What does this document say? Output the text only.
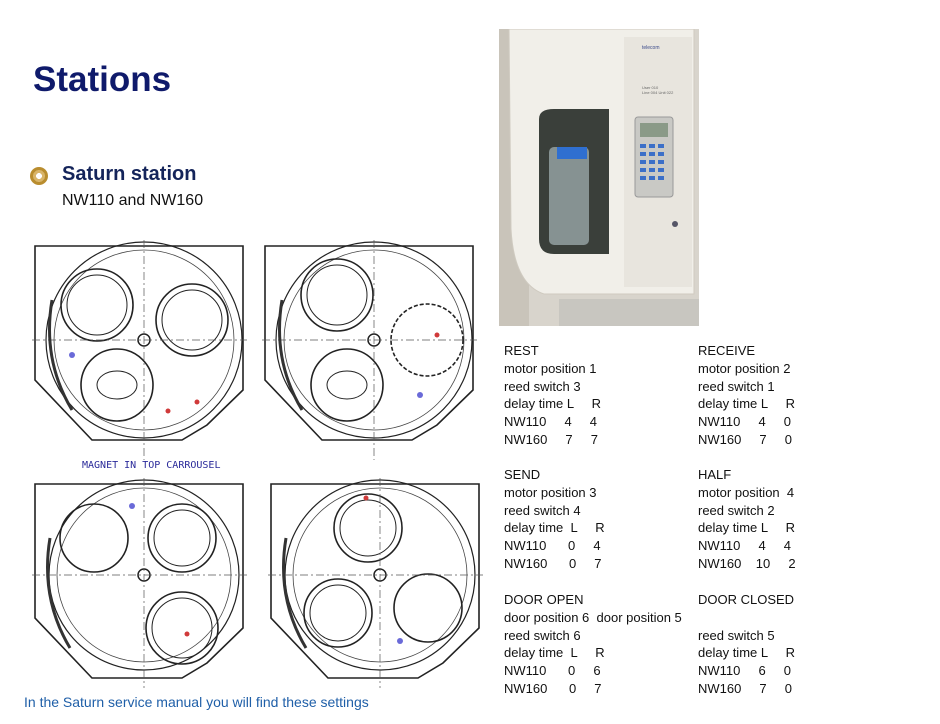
Stations
Saturn station
NW110 and NW160
MAGNET IN TOP CARROUSEL
telecom
User 010
Line 004 Unit 022
REST
motor position 1
reed switch 3
delay time L     R
NW110     4     4
NW160     7     7
RECEIVE
motor position 2
reed switch 1
delay time L     R
NW110     4     0
NW160     7     0
SEND
motor position 3
reed switch 4
delay time  L     R
NW110      0     4
NW160      0     7
HALF
motor position  4
reed switch 2
delay time L     R
NW110     4     4
NW160    10     2
DOOR OPEN
door position 6  door position 5
reed switch 6
delay time  L     R
NW110      0     6
NW160      0     7
DOOR CLOSED
reed switch 5
delay time L     R
NW110     6     0
NW160     7     0
In the Saturn service manual you will find these settings
